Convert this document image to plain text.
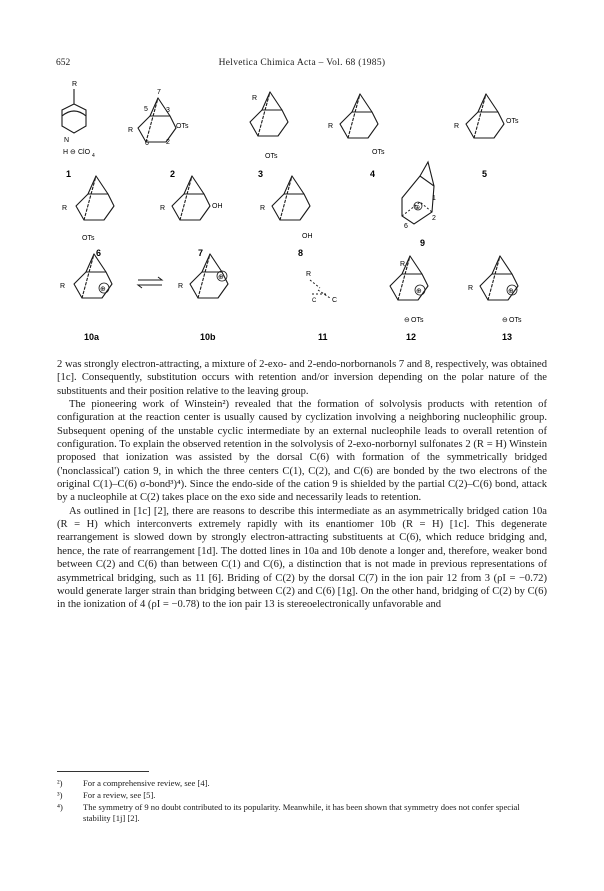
652	Helvetica Chimica Acta – Vol. 68 (1985)
R
N
H ⊖ ClO 4
1
R
OTs
7
5	3
6 2
2
R
OTs
3
R
OTs
4
R
OTs
5
R
OTs
6
R	OH
7
R
OH
8
⊕
1
2
6
9
R	⊕
10a
R
⊕
10b
R
C C
11
R
⊕
⊖ OTs
12
R	⊕
⊖ OTs
13

2 was strongly electron-attracting, a mixture of 2-exo- and 2-endo-norbornanols 7 and 8, respectively, was obtained [1c]. Consequently, substitution occurs with retention and/or inversion depending on the polar nature of the substituents and their position relative to the leaving group.

The pioneering work of Winstein²) revealed that the formation of solvolysis products with retention of configuration at the reaction center is usually caused by cyclization involving a neighboring nucleophilic group. Subsequent opening of the unstable cyclic intermediate by an external nucleophile leads to overall retention of configuration. To explain the observed retention in the solvolysis of 2-exo-norbornyl sulfonates 2 (R = H) Winstein proposed that ionization was assisted by the dorsal C(6) with formation of the symmetrically bridged ('nonclassical') cation 9, in which the three centers C(1), C(2), and C(6) are bonded by the two electrons of the original C(1)–C(6) σ-bond³)⁴). Since the endo-side of the cation 9 is shielded by the partial C(2)–C(6) bond, attack by a nucleophile at C(2) takes place on the exo side and necessarily leads to retention.

As outlined in [1c] [2], there are reasons to describe this intermediate as an asymmetrically bridged cation 10a (R = H) which interconverts extremely rapidly with its enantiomer 10b (R = H) [1c]. This degenerate rearrangement is slowed down by strongly electron-attracting substituents at C(6), which reduce bridging and, hence, the rate of rearrangement [1d]. The dotted lines in 10a and 10b denote a longer and, therefore, weaker bond between C(2) and C(6) than between C(1) and C(6), a distinction that is not made in previous representations of asymmetrical bridging, such as 11 [6]. Briding of C(2) by the dorsal C(7) in the ion pair 12 from 3 (ρI = −0.72) would generate larger strain than bridging between C(2) and C(6) [1g]. On the other hand, bridging of C(2) by C(6) in the ionization of 4 (ρI = −0.78) to the ion pair 13 is stereoelectronically unfavorable and

²) For a comprehensive review, see [4].
³) For a review, see [5].
⁴) The symmetry of 9 no doubt contributed to its popularity. Meanwhile, it has been shown that symmetry does not confer special stability [1j] [2].
